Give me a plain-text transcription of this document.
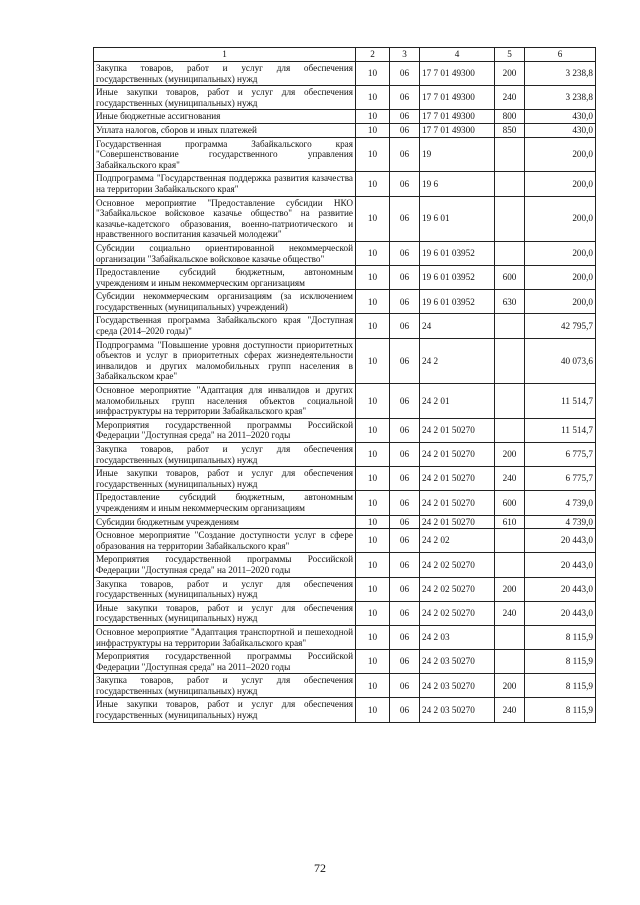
1	2	3	4	5	6
Закупка товаров, работ и услуг для обеспечения государственных (муниципальных) нужд	10	06	17 7 01 49300	200	3 238,8
Иные закупки товаров, работ и услуг для обеспечения государственных (муниципальных) нужд	10	06	17 7 01 49300	240	3 238,8
Иные бюджетные ассигнования	10	06	17 7 01 49300	800	430,0
Уплата налогов, сборов и иных платежей	10	06	17 7 01 49300	850	430,0
Государственная программа Забайкальского края "Совершенствование государственного управления Забайкальского края"	10	06	19		200,0
Подпрограмма "Государственная поддержка развития казачества на территории Забайкальского края"	10	06	19 6		200,0
Основное мероприятие "Предоставление субсидии НКО "Забайкальское войсковое казачье общество" на развитие казачье-кадетского образования, военно-патриотического и нравственного воспитания казачьей молодежи"	10	06	19 6 01		200,0
Субсидии социально ориентированной некоммерческой организации "Забайкальское войсковое казачье общество"	10	06	19 6 01 03952		200,0
Предоставление субсидий бюджетным, автономным учреждениям и иным некоммерческим организациям	10	06	19 6 01 03952	600	200,0
Субсидии некоммерческим организациям (за исключением государственных (муниципальных) учреждений)	10	06	19 6 01 03952	630	200,0
Государственная программа Забайкальского края "Доступная среда (2014–2020 годы)"	10	06	24		42 795,7
Подпрограмма "Повышение уровня доступности приоритетных объектов и услуг в приоритетных сферах жизнедеятельности инвалидов и других маломобильных групп населения в Забайкальском крае"	10	06	24 2		40 073,6
Основное мероприятие "Адаптация для инвалидов и других маломобильных групп населения объектов социальной инфраструктуры на территории Забайкальского края"	10	06	24 2 01		11 514,7
Мероприятия государственной программы Российской Федерации "Доступная среда" на 2011–2020 годы	10	06	24 2 01 50270		11 514,7
Закупка товаров, работ и услуг для обеспечения государственных (муниципальных) нужд	10	06	24 2 01 50270	200	6 775,7
Иные закупки товаров, работ и услуг для обеспечения государственных (муниципальных) нужд	10	06	24 2 01 50270	240	6 775,7
Предоставление субсидий бюджетным, автономным учреждениям и иным некоммерческим организациям	10	06	24 2 01 50270	600	4 739,0
Субсидии бюджетным учреждениям	10	06	24 2 01 50270	610	4 739,0
Основное мероприятие "Создание доступности услуг в сфере образования на территории Забайкальского края"	10	06	24 2 02		20 443,0
Мероприятия государственной программы Российской Федерации "Доступная среда" на 2011–2020 годы	10	06	24 2 02 50270		20 443,0
Закупка товаров, работ и услуг для обеспечения государственных (муниципальных) нужд	10	06	24 2 02 50270	200	20 443,0
Иные закупки товаров, работ и услуг для обеспечения государственных (муниципальных) нужд	10	06	24 2 02 50270	240	20 443,0
Основное мероприятие "Адаптация транспортной и пешеходной инфраструктуры на территории Забайкальского края"	10	06	24 2 03		8 115,9
Мероприятия государственной программы Российской Федерации "Доступная среда" на 2011–2020 годы	10	06	24 2 03 50270		8 115,9
Закупка товаров, работ и услуг для обеспечения государственных (муниципальных) нужд	10	06	24 2 03 50270	200	8 115,9
Иные закупки товаров, работ и услуг для обеспечения государственных (муниципальных) нужд	10	06	24 2 03 50270	240	8 115,9
72
